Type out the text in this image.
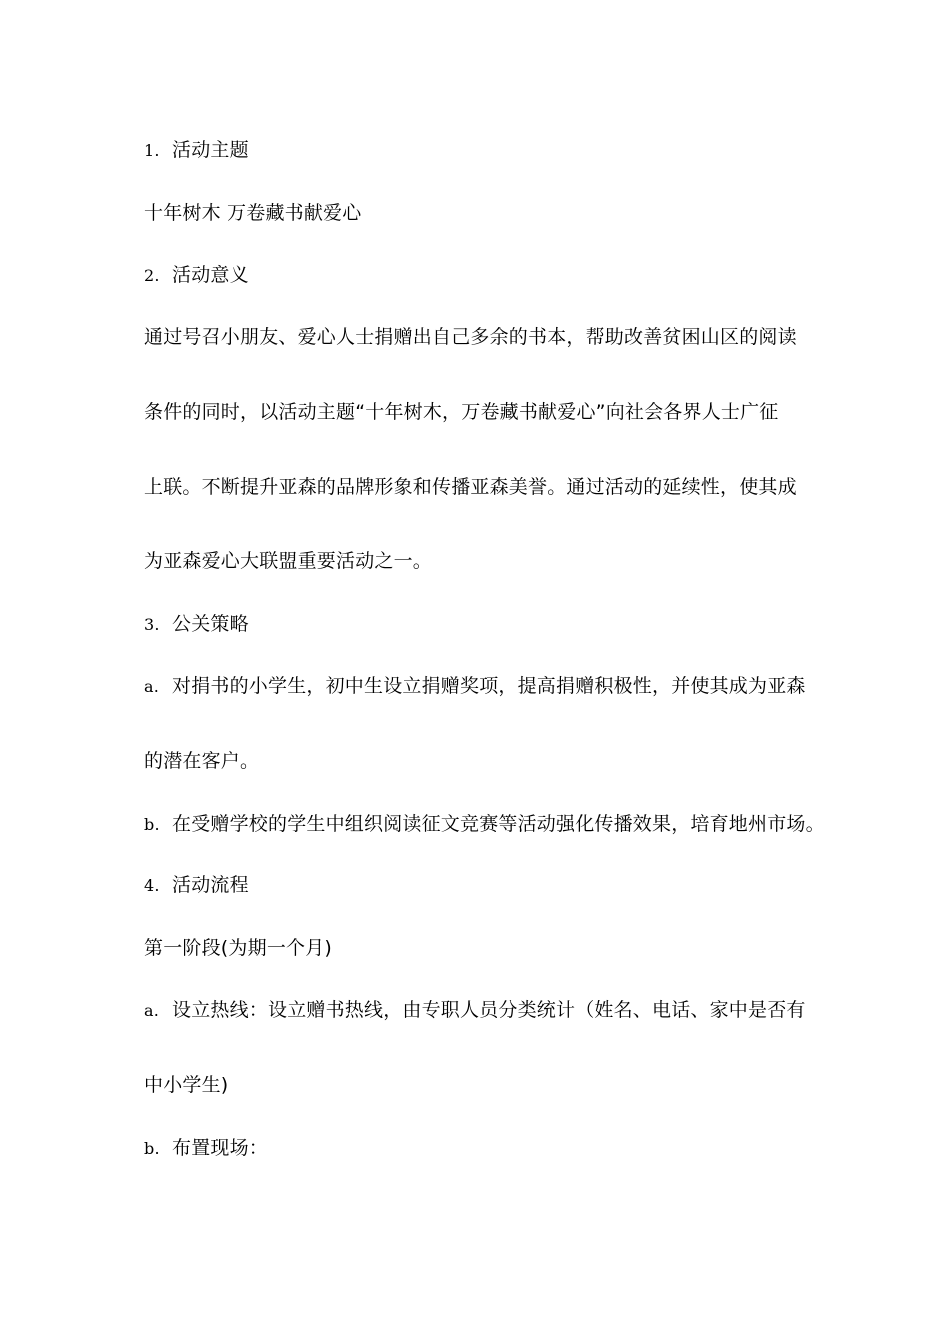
1. 活动主题
十年树木 万卷藏书献爱心
2. 活动意义
通过号召小朋友、爱心人士捐赠出自己多余的书本，帮助改善贫困山区的阅读
条件的同时，以活动主题“十年树木，万卷藏书献爱心”向社会各界人士广征
上联。不断提升亚森的品牌形象和传播亚森美誉。通过活动的延续性，使其成
为亚森爱心大联盟重要活动之一。
3. 公关策略
a. 对捐书的小学生，初中生设立捐赠奖项，提高捐赠积极性，并使其成为亚森
的潜在客户。
b. 在受赠学校的学生中组织阅读征文竞赛等活动强化传播效果，培育地州市场。
4. 活动流程
第一阶段(为期一个月)
a. 设立热线：设立赠书热线，由专职人员分类统计（姓名、电话、家中是否有
中小学生)
b. 布置现场：
